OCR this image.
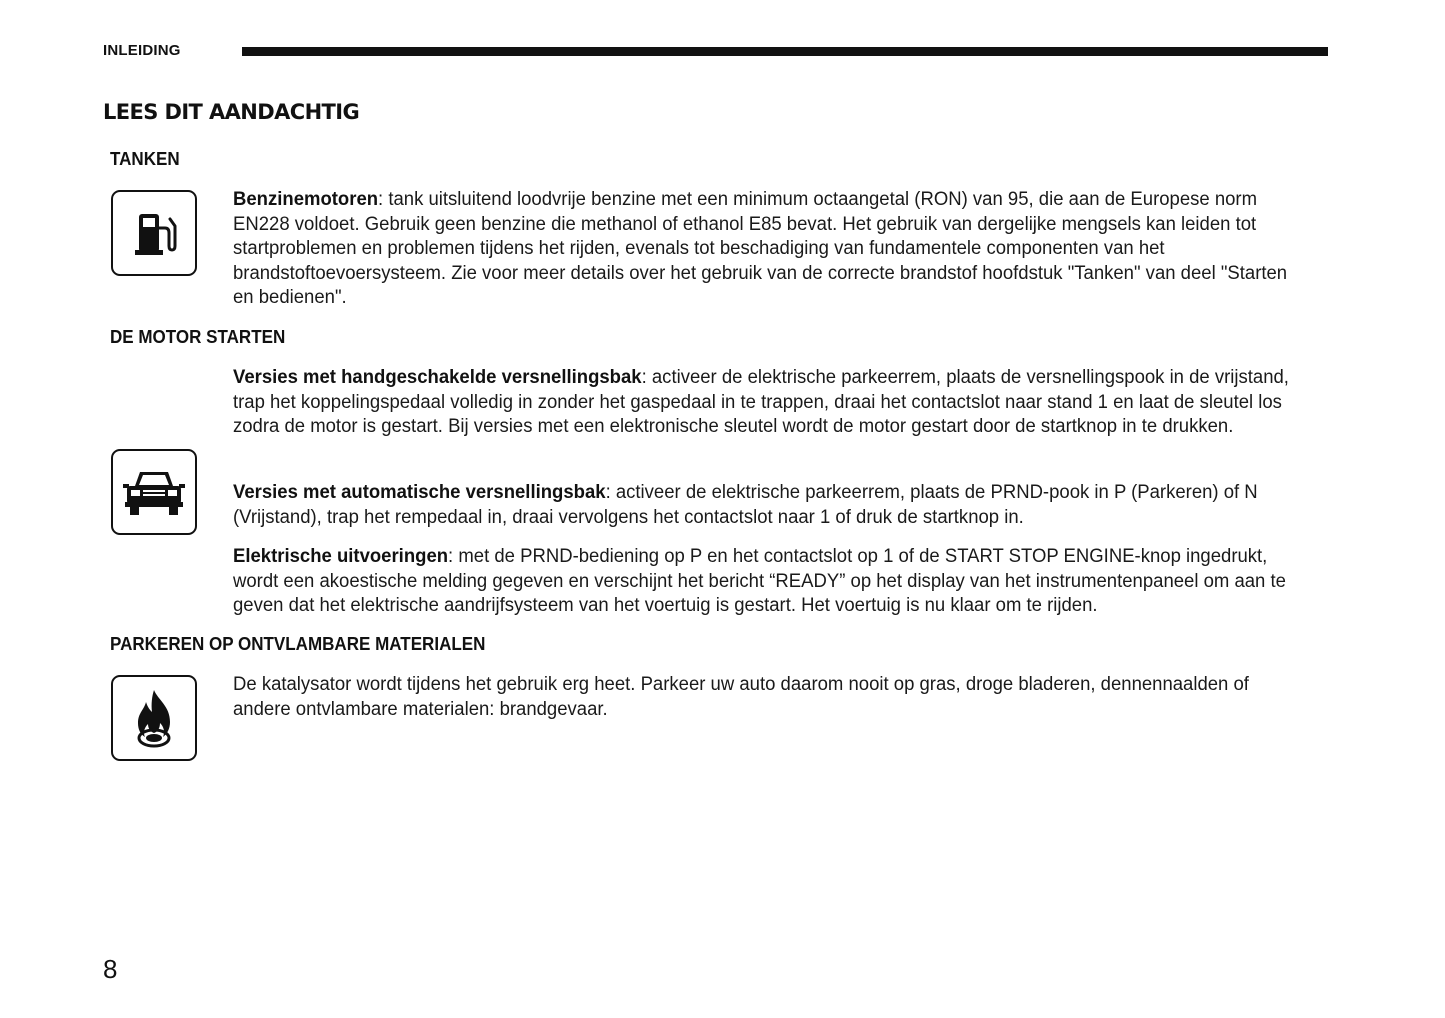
INLEIDING
LEES DIT AANDACHTIG
TANKEN

Benzinemotoren: tank uitsluitend loodvrije benzine met een minimum octaangetal (RON) van 95, die aan de Europese norm EN228 voldoet. Gebruik geen benzine die methanol of ethanol E85 bevat. Het gebruik van dergelijke mengsels kan leiden tot startproblemen en problemen tijdens het rijden, evenals tot beschadiging van fundamentele componenten van het brandstoftoevoersysteem. Zie voor meer details over het gebruik van de correcte brandstof hoofdstuk "Tanken" van deel "Starten en bedienen".

DE MOTOR STARTEN

Versies met handgeschakelde versnellingsbak: activeer de elektrische parkeerrem, plaats de versnellingspook in de vrijstand, trap het koppelingspedaal volledig in zonder het gaspedaal in te trappen, draai het contactslot naar stand 1 en laat de sleutel los zodra de motor is gestart. Bij versies met een elektronische sleutel wordt de motor gestart door de startknop in te drukken.

Versies met automatische versnellingsbak: activeer de elektrische parkeerrem, plaats de PRND-pook in P (Parkeren) of N (Vrijstand), trap het rempedaal in, draai vervolgens het contactslot naar 1 of druk de startknop in.

Elektrische uitvoeringen: met de PRND-bediening op P en het contactslot op 1 of de START STOP ENGINE-knop ingedrukt, wordt een akoestische melding gegeven en verschijnt het bericht “READY” op het display van het instrumentenpaneel om aan te geven dat het elektrische aandrijfsysteem van het voertuig is gestart. Het voertuig is nu klaar om te rijden.

PARKEREN OP ONTVLAMBARE MATERIALEN

De katalysator wordt tijdens het gebruik erg heet. Parkeer uw auto daarom nooit op gras, droge bladeren, dennennaalden of andere ontvlambare materialen: brandgevaar.

8
